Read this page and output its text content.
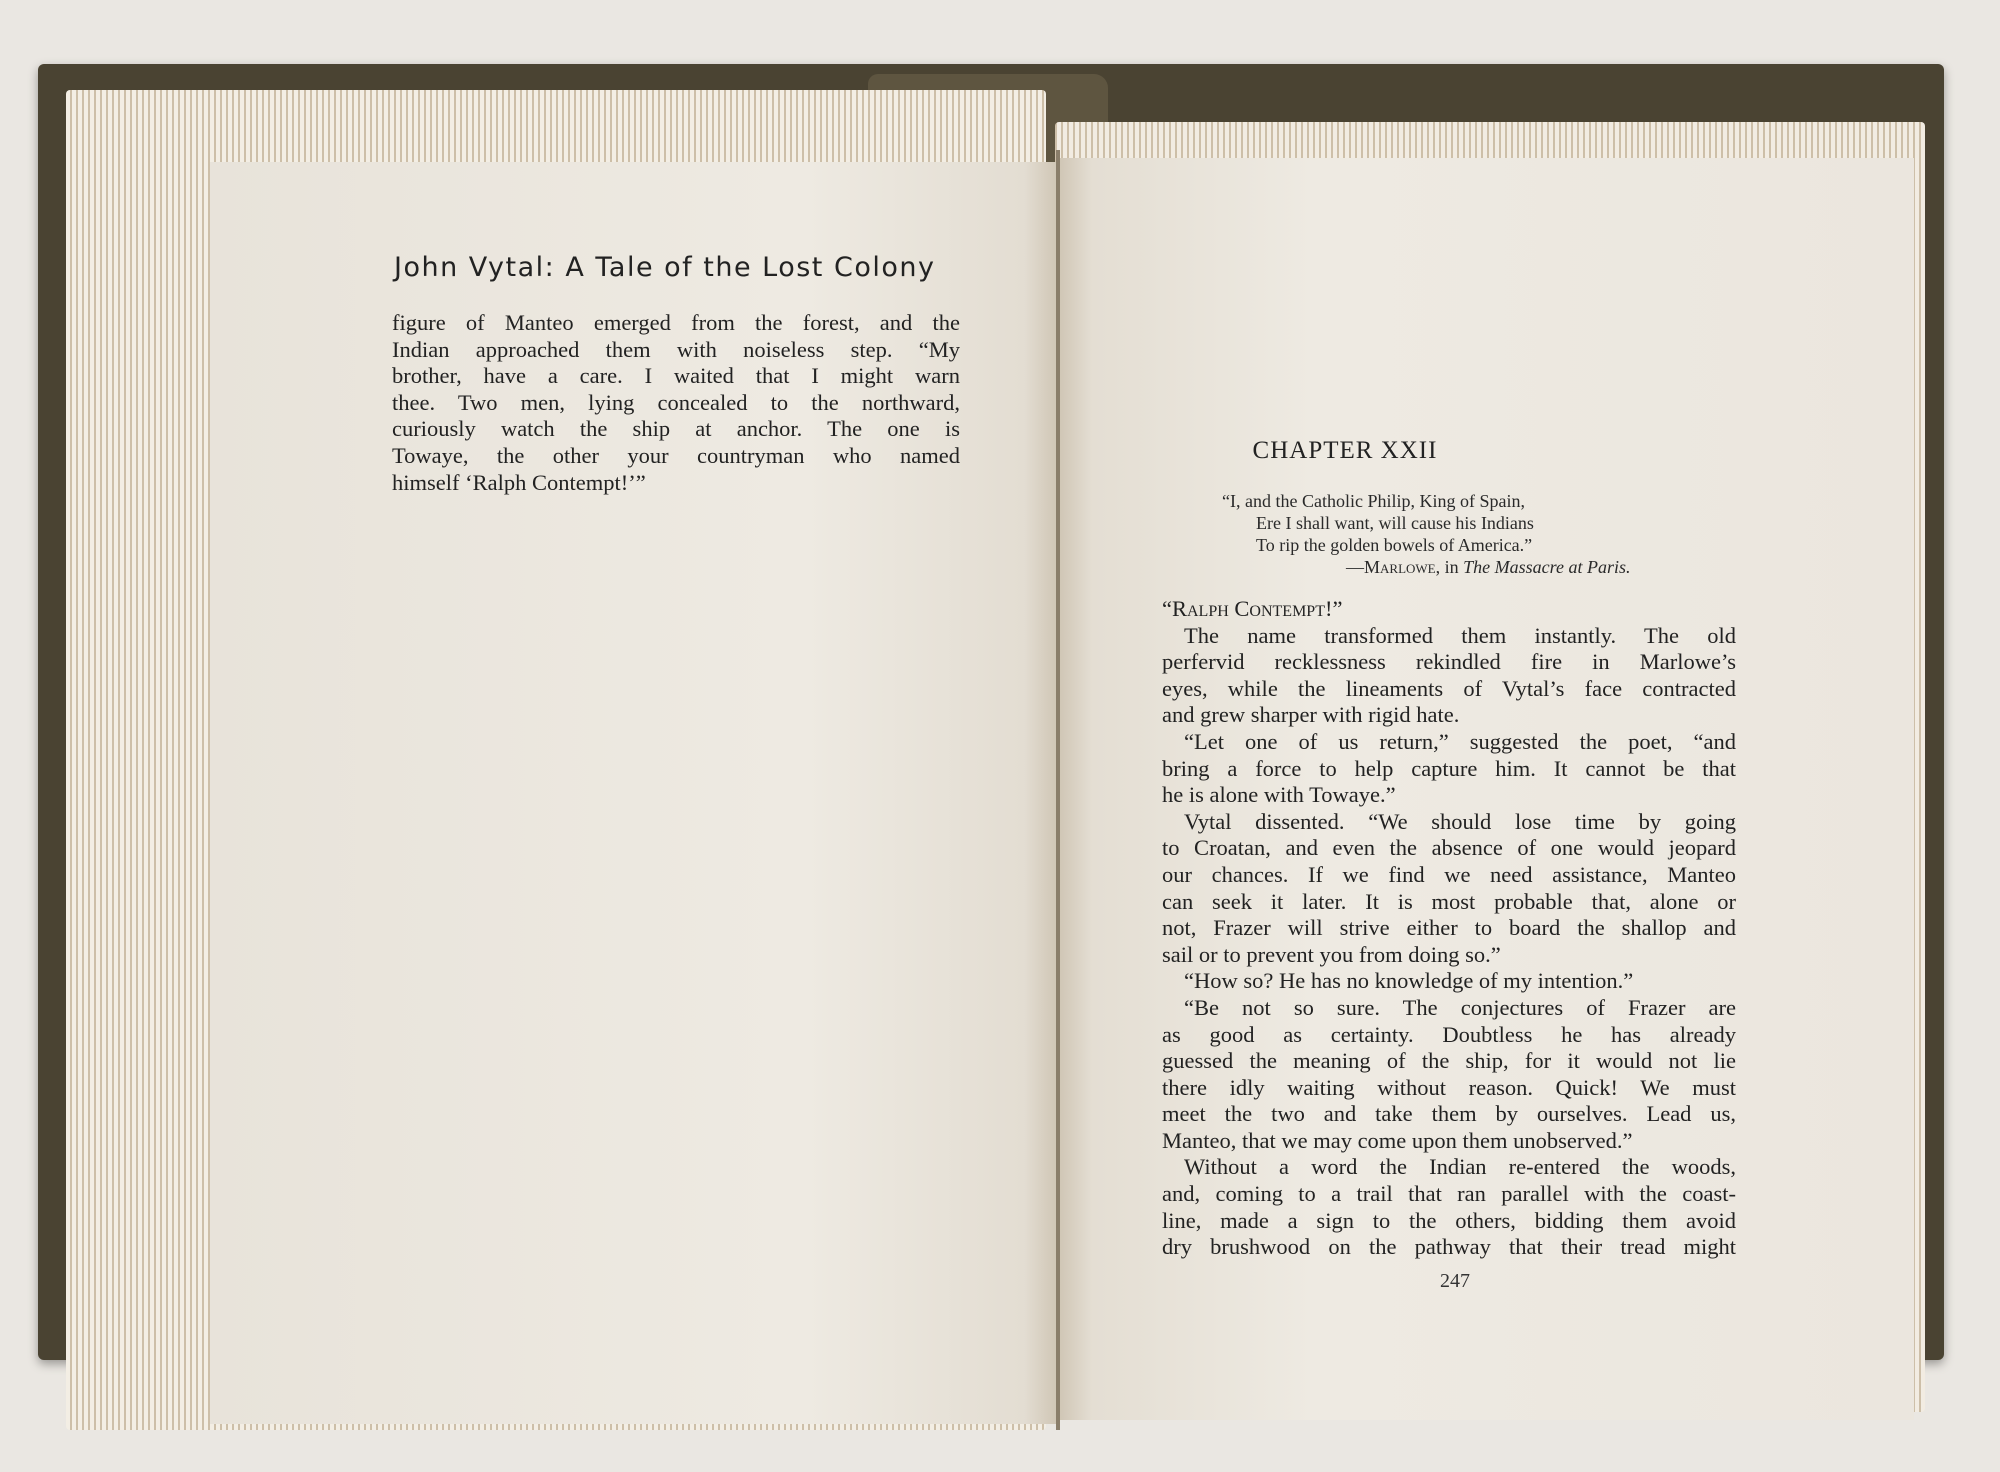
John Vytal: A Tale of the Lost Colony
figure of Manteo emerged from the forest, and the
Indian approached them with noiseless step. “My
brother, have a care. I waited that I might warn
thee. Two men, lying concealed to the northward,
curiously watch the ship at anchor. The one is
Towaye, the other your countryman who named
himself ‘Ralph Contempt!’”
CHAPTER XXII
“I, and the Catholic Philip, King of Spain,
Ere I shall want, will cause his Indians
To rip the golden bowels of America.”
—Marlowe, in The Massacre at Paris.
“Ralph Contempt!”
The name transformed them instantly. The old
perfervid recklessness rekindled fire in Marlowe’s
eyes, while the lineaments of Vytal’s face contracted
and grew sharper with rigid hate.
“Let one of us return,” suggested the poet, “and
bring a force to help capture him. It cannot be that
he is alone with Towaye.”
Vytal dissented. “We should lose time by going
to Croatan, and even the absence of one would jeopard
our chances. If we find we need assistance, Manteo
can seek it later. It is most probable that, alone or
not, Frazer will strive either to board the shallop and
sail or to prevent you from doing so.”
“How so? He has no knowledge of my intention.”
“Be not so sure. The conjectures of Frazer are
as good as certainty. Doubtless he has already
guessed the meaning of the ship, for it would not lie
there idly waiting without reason. Quick! We must
meet the two and take them by ourselves. Lead us,
Manteo, that we may come upon them unobserved.”
Without a word the Indian re-entered the woods,
and, coming to a trail that ran parallel with the coast-
line, made a sign to the others, bidding them avoid
dry brushwood on the pathway that their tread might
247
